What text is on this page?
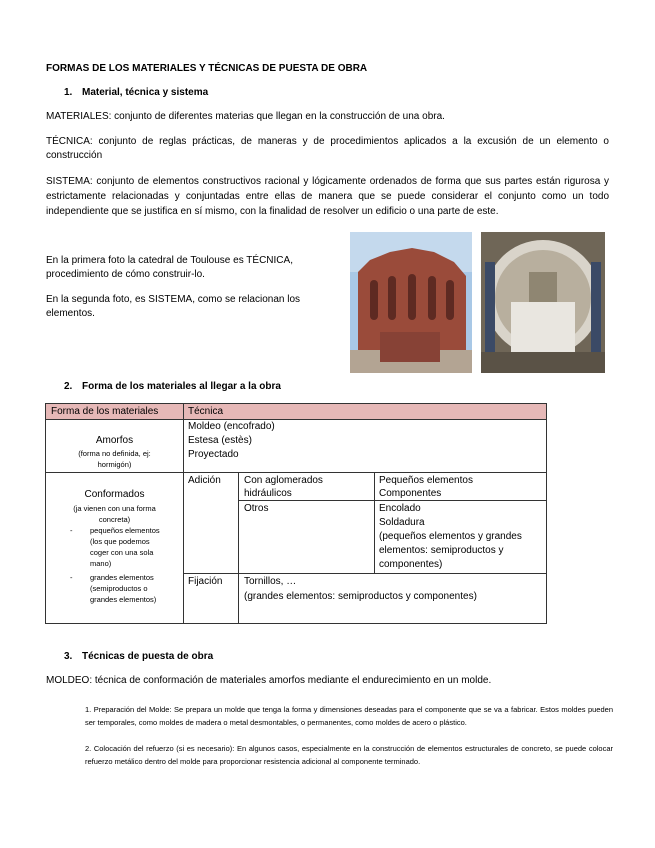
FORMAS DE LOS MATERIALES Y TÉCNICAS DE PUESTA DE OBRA
1. Material, técnica y sistema
MATERIALES: conjunto de diferentes materias que llegan en la construcción de una obra.
TÉCNICA: conjunto de reglas prácticas, de maneras y de procedimientos aplicados a la excusión de un elemento o construcción
SISTEMA: conjunto de elementos constructivos racional y lógicamente ordenados de forma que sus partes están rigurosa y estrictamente relacionadas y conjuntadas entre ellas de manera que se puede considerar el conjunto como un todo independiente que se justifica en sí mismo, con la finalidad de resolver un edificio o una parte de este.
En la primera foto la catedral de Toulouse es TÉCNICA,
procedimiento de cómo construir-lo.
En la segunda foto, es SISTEMA, como se relacionan los
elementos.
2. Forma de los materiales al llegar a la obra
Forma de los materiales	Técnica
Amorfos
(forma no definida, ej:
hormigón)
Moldeo (encofrado)
Estesa (estès)
Proyectado
Conformados
(ja vienen con una forma
concreta)
- pequeños elementos
(los que podemos
coger con una sola
mano)
- grandes elementos
(semiproductos o
grandes elementos)
Adición Con aglomerados
hidráulicos
Pequeños elementos
Componentes
Otros	Encolado
Soldadura
(pequeños elementos y grandes
elementos: semiproductos y
componentes)
Fijación Tornillos, …
(grandes elementos: semiproductos y componentes)
3. Técnicas de puesta de obra
MOLDEO: técnica de conformación de materiales amorfos mediante el endurecimiento en un molde.
1. Preparación del Molde: Se prepara un molde que tenga la forma y dimensiones deseadas para el componente que se va a fabricar. Estos moldes pueden ser temporales, como moldes de madera o metal desmontables, o permanentes, como moldes de acero o plástico.
2. Colocación del refuerzo (si es necesario): En algunos casos, especialmente en la construcción de elementos estructurales de concreto, se puede colocar refuerzo metálico dentro del molde para proporcionar resistencia adicional al componente terminado.
